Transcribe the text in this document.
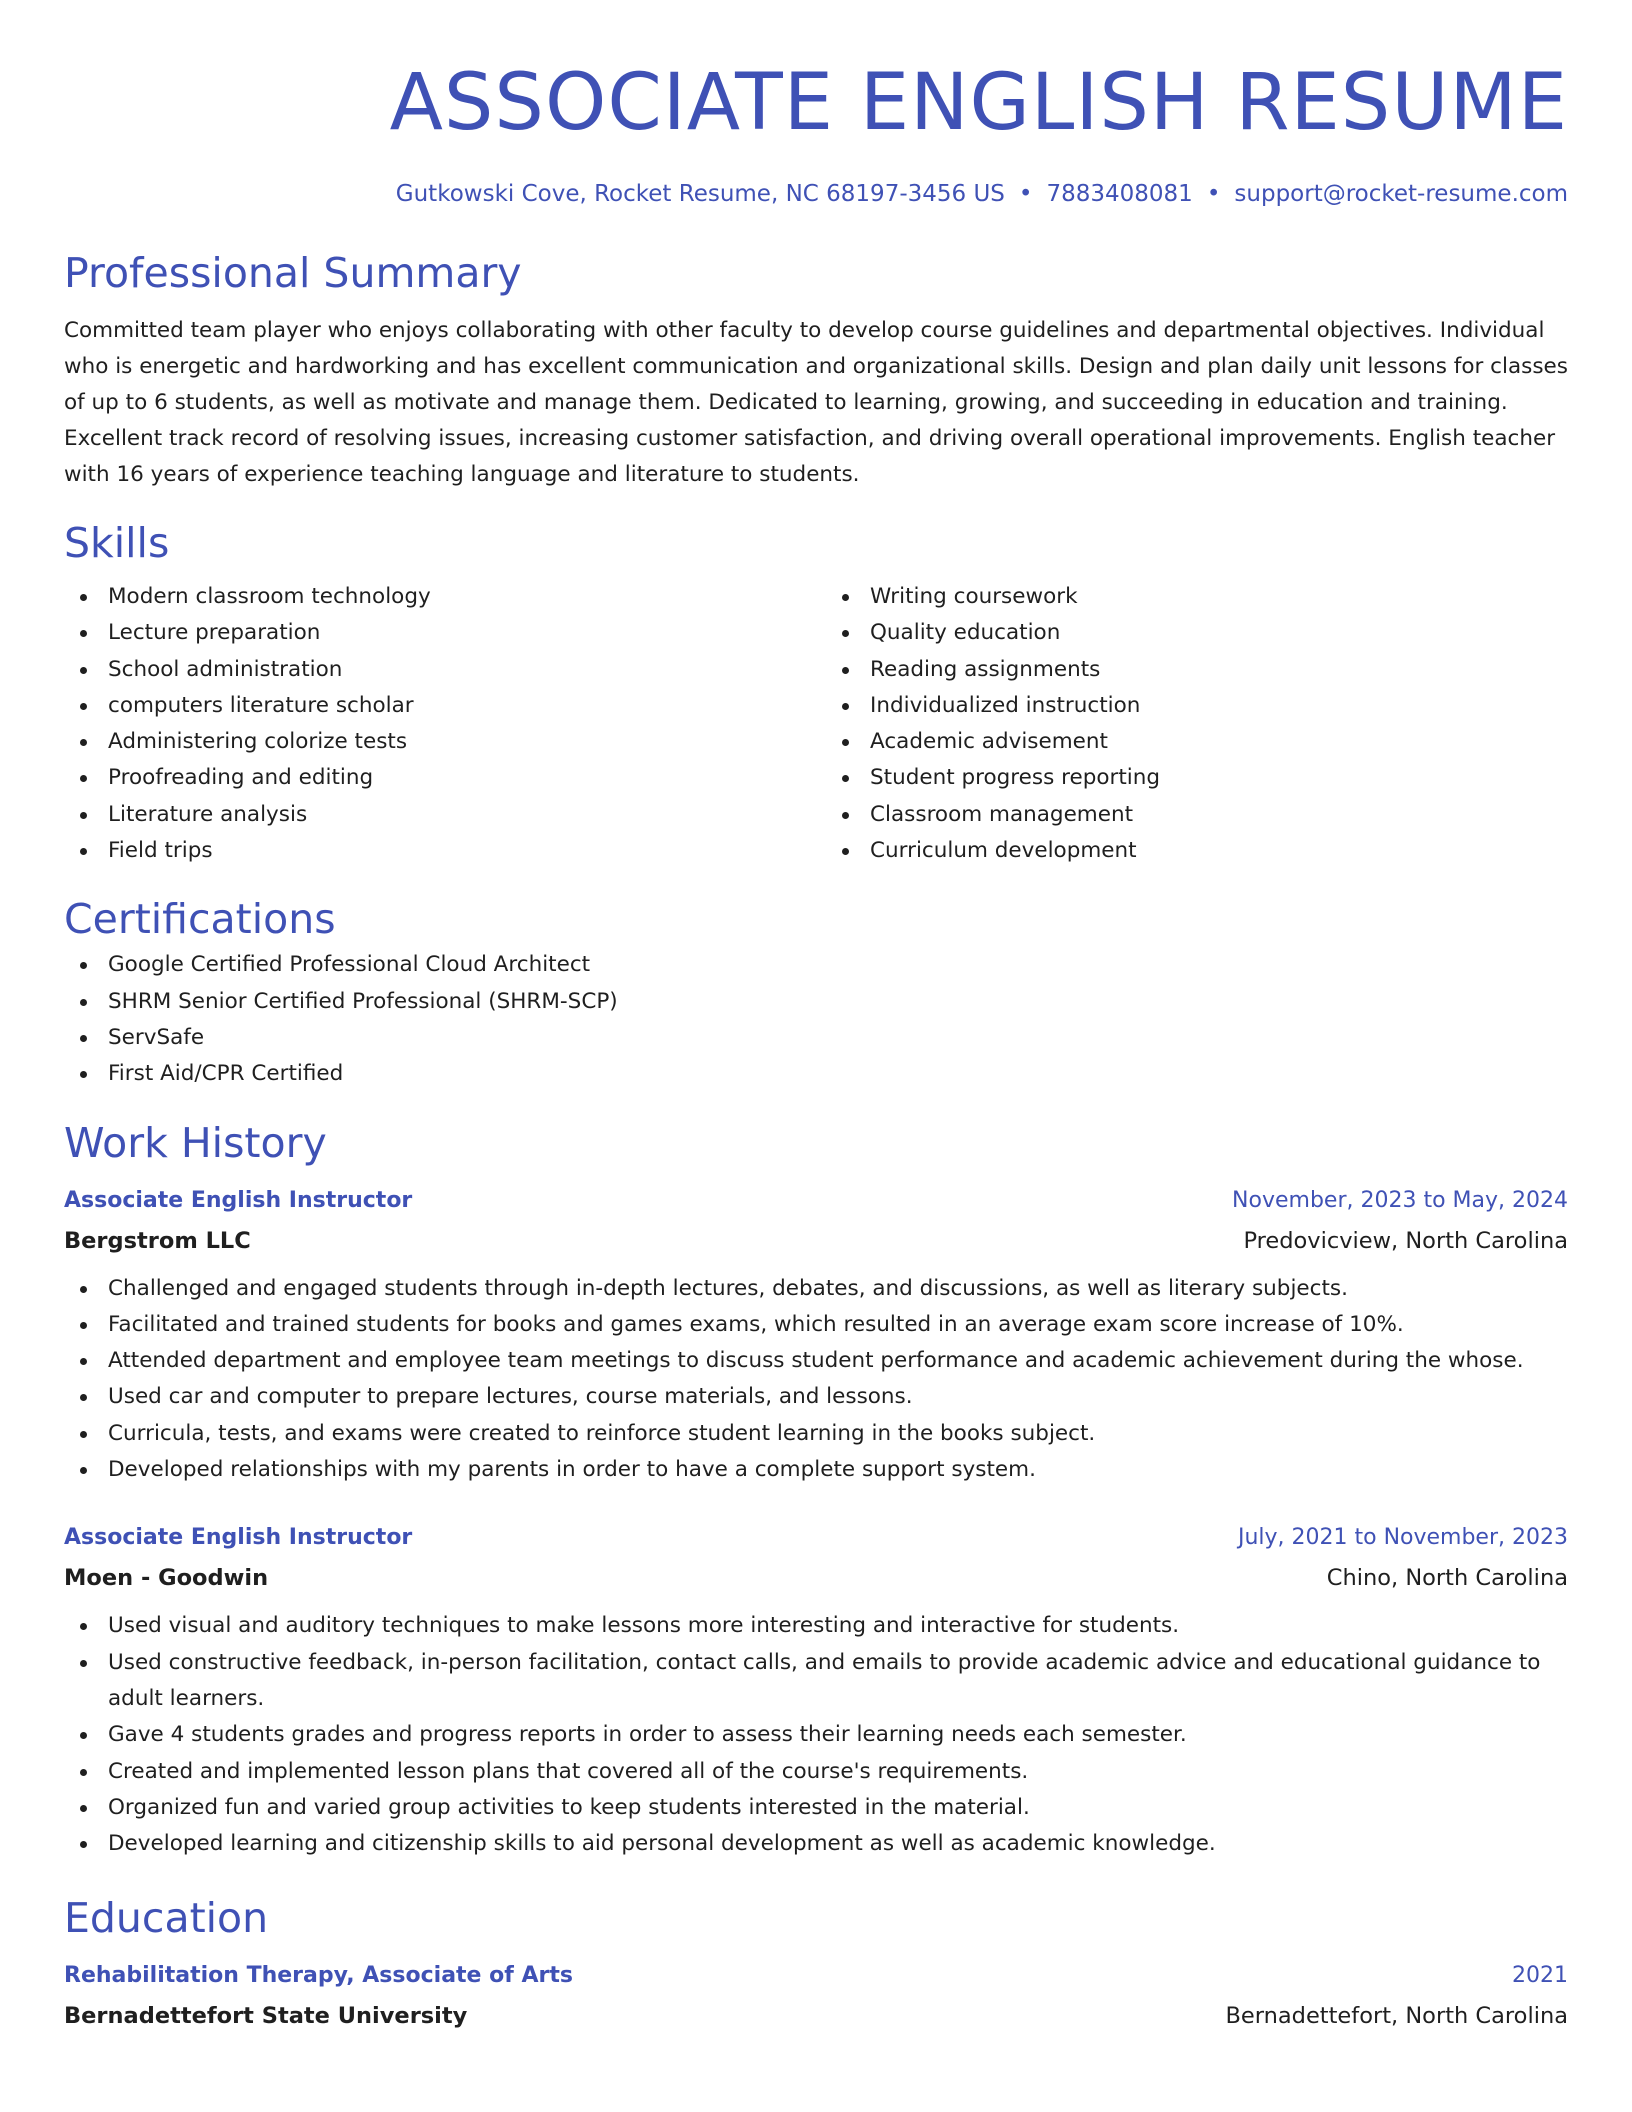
ASSOCIATE ENGLISH RESUME
Gutkowski Cove, Rocket Resume, NC 68197-3456 US • 7883408081 • support@rocket-resume.com
Professional Summary

Committed team player who enjoys collaborating with other faculty to develop course guidelines and departmental objectives. Individual who is energetic and hardworking and has excellent communication and organizational skills. Design and plan daily unit lessons for classes of up to 6 students, as well as motivate and manage them. Dedicated to learning, growing, and succeeding in education and training. Excellent track record of resolving issues, increasing customer satisfaction, and driving overall operational improvements. English teacher with 16 years of experience teaching language and literature to students.

Skills
Modern classroom technology
Lecture preparation
School administration
computers literature scholar
Administering colorize tests
Proofreading and editing
Literature analysis
Field trips
Writing coursework
Quality education
Reading assignments
Individualized instruction
Academic advisement
Student progress reporting
Classroom management
Curriculum development
Certifications
Google Certified Professional Cloud Architect
SHRM Senior Certified Professional (SHRM-SCP)
ServSafe
First Aid/CPR Certified
Work History
Associate English Instructor	November, 2023 to May, 2024
Bergstrom LLC	Predovicview, North Carolina
Challenged and engaged students through in-depth lectures, debates, and discussions, as well as literary subjects.
Facilitated and trained students for books and games exams, which resulted in an average exam score increase of 10%.
Attended department and employee team meetings to discuss student performance and academic achievement during the whose.
Used car and computer to prepare lectures, course materials, and lessons.
Curricula, tests, and exams were created to reinforce student learning in the books subject.
Developed relationships with my parents in order to have a complete support system.
Associate English Instructor	July, 2021 to November, 2023
Moen - Goodwin	Chino, North Carolina
Used visual and auditory techniques to make lessons more interesting and interactive for students.
Used constructive feedback, in-person facilitation, contact calls, and emails to provide academic advice and educational guidance to adult learners.
Gave 4 students grades and progress reports in order to assess their learning needs each semester.
Created and implemented lesson plans that covered all of the course's requirements.
Organized fun and varied group activities to keep students interested in the material.
Developed learning and citizenship skills to aid personal development as well as academic knowledge.
Education
Rehabilitation Therapy, Associate of Arts	2021
Bernadettefort State University	Bernadettefort, North Carolina
